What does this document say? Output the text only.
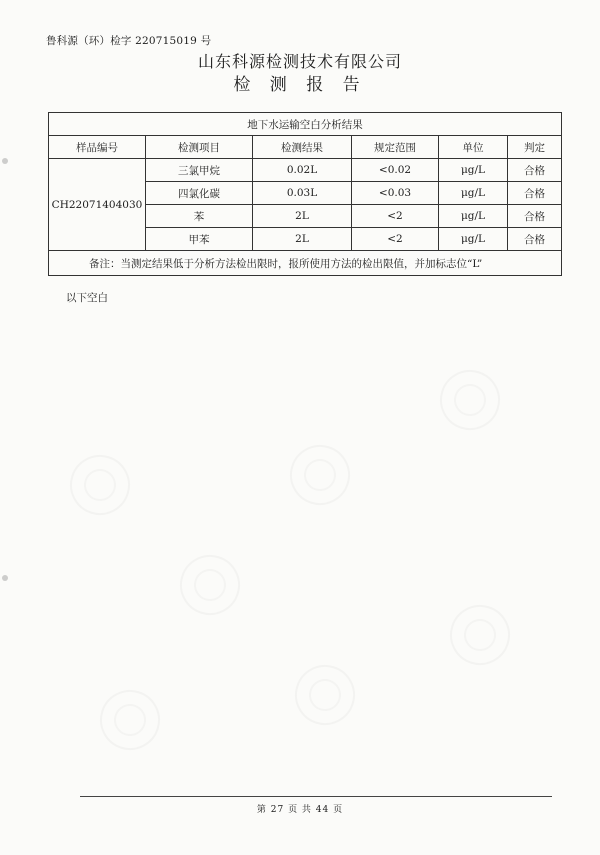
鲁科源（环）检字 220715019 号
山东科源检测技术有限公司
检 测 报 告
地下水运输空白分析结果					
样品编号	检测项目	检测结果	规定范围	单位	判定
CH22071404030	三氯甲烷	0.02L	<0.02	μg/L	合格
	四氯化碳	0.03L	<0.03	μg/L	合格
	苯	2L	<2	μg/L	合格
	甲苯	2L	<2	μg/L	合格
备注：当测定结果低于分析方法检出限时，报所使用方法的检出限值，并加标志位“L”					
以下空白
第 27 页 共 44 页
